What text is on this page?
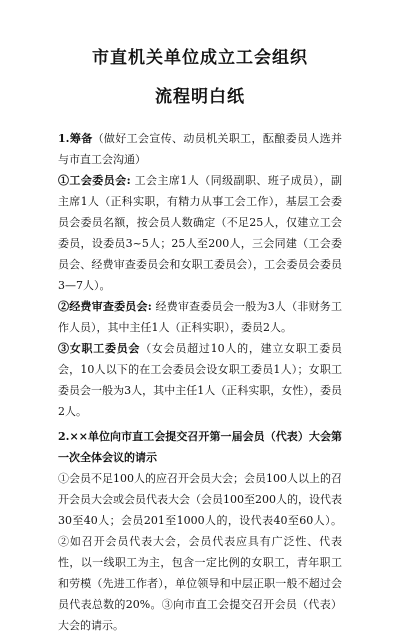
市直机关单位成立工会组织
流程明白纸

1.筹备（做好工会宣传、动员机关职工，酝酿委员人选并与市直工会沟通）

①工会委员会: 工会主席1人（同级副职、班子成员），副主席1人（正科实职，有精力从事工会工作），基层工会委员会委员名额，按会员人数确定（不足25人，仅建立工会委员，设委员3~5人；25人至200人，三会同建（工会委员会、经费审查委员会和女职工委员会），工会委员会委员3—7人）。

②经费审查委员会: 经费审查委员会一般为3人（非财务工作人员），其中主任1人（正科实职），委员2人。

③女职工委员会（女会员超过10人的，建立女职工委员会，10人以下的在工会委员会设女职工委员1人）；女职工委员会一般为3人，其中主任1人（正科实职，女性），委员2人。

2.××单位向市直工会提交召开第一届会员（代表）大会第一次全体会议的请示

①会员不足100人的应召开会员大会；会员100人以上的召开会员大会或会员代表大会（会员100至200人的，设代表30至40人；会员201至1000人的，设代表40至60人）。②如召开会员代表大会，会员代表应具有广泛性、代表性，以一线职工为主，包含一定比例的女职工，青年职工和劳模（先进工作者），单位领导和中层正职一般不超过会员代表总数的20%。③向市直工会提交召开会员（代表）大会的请示。
